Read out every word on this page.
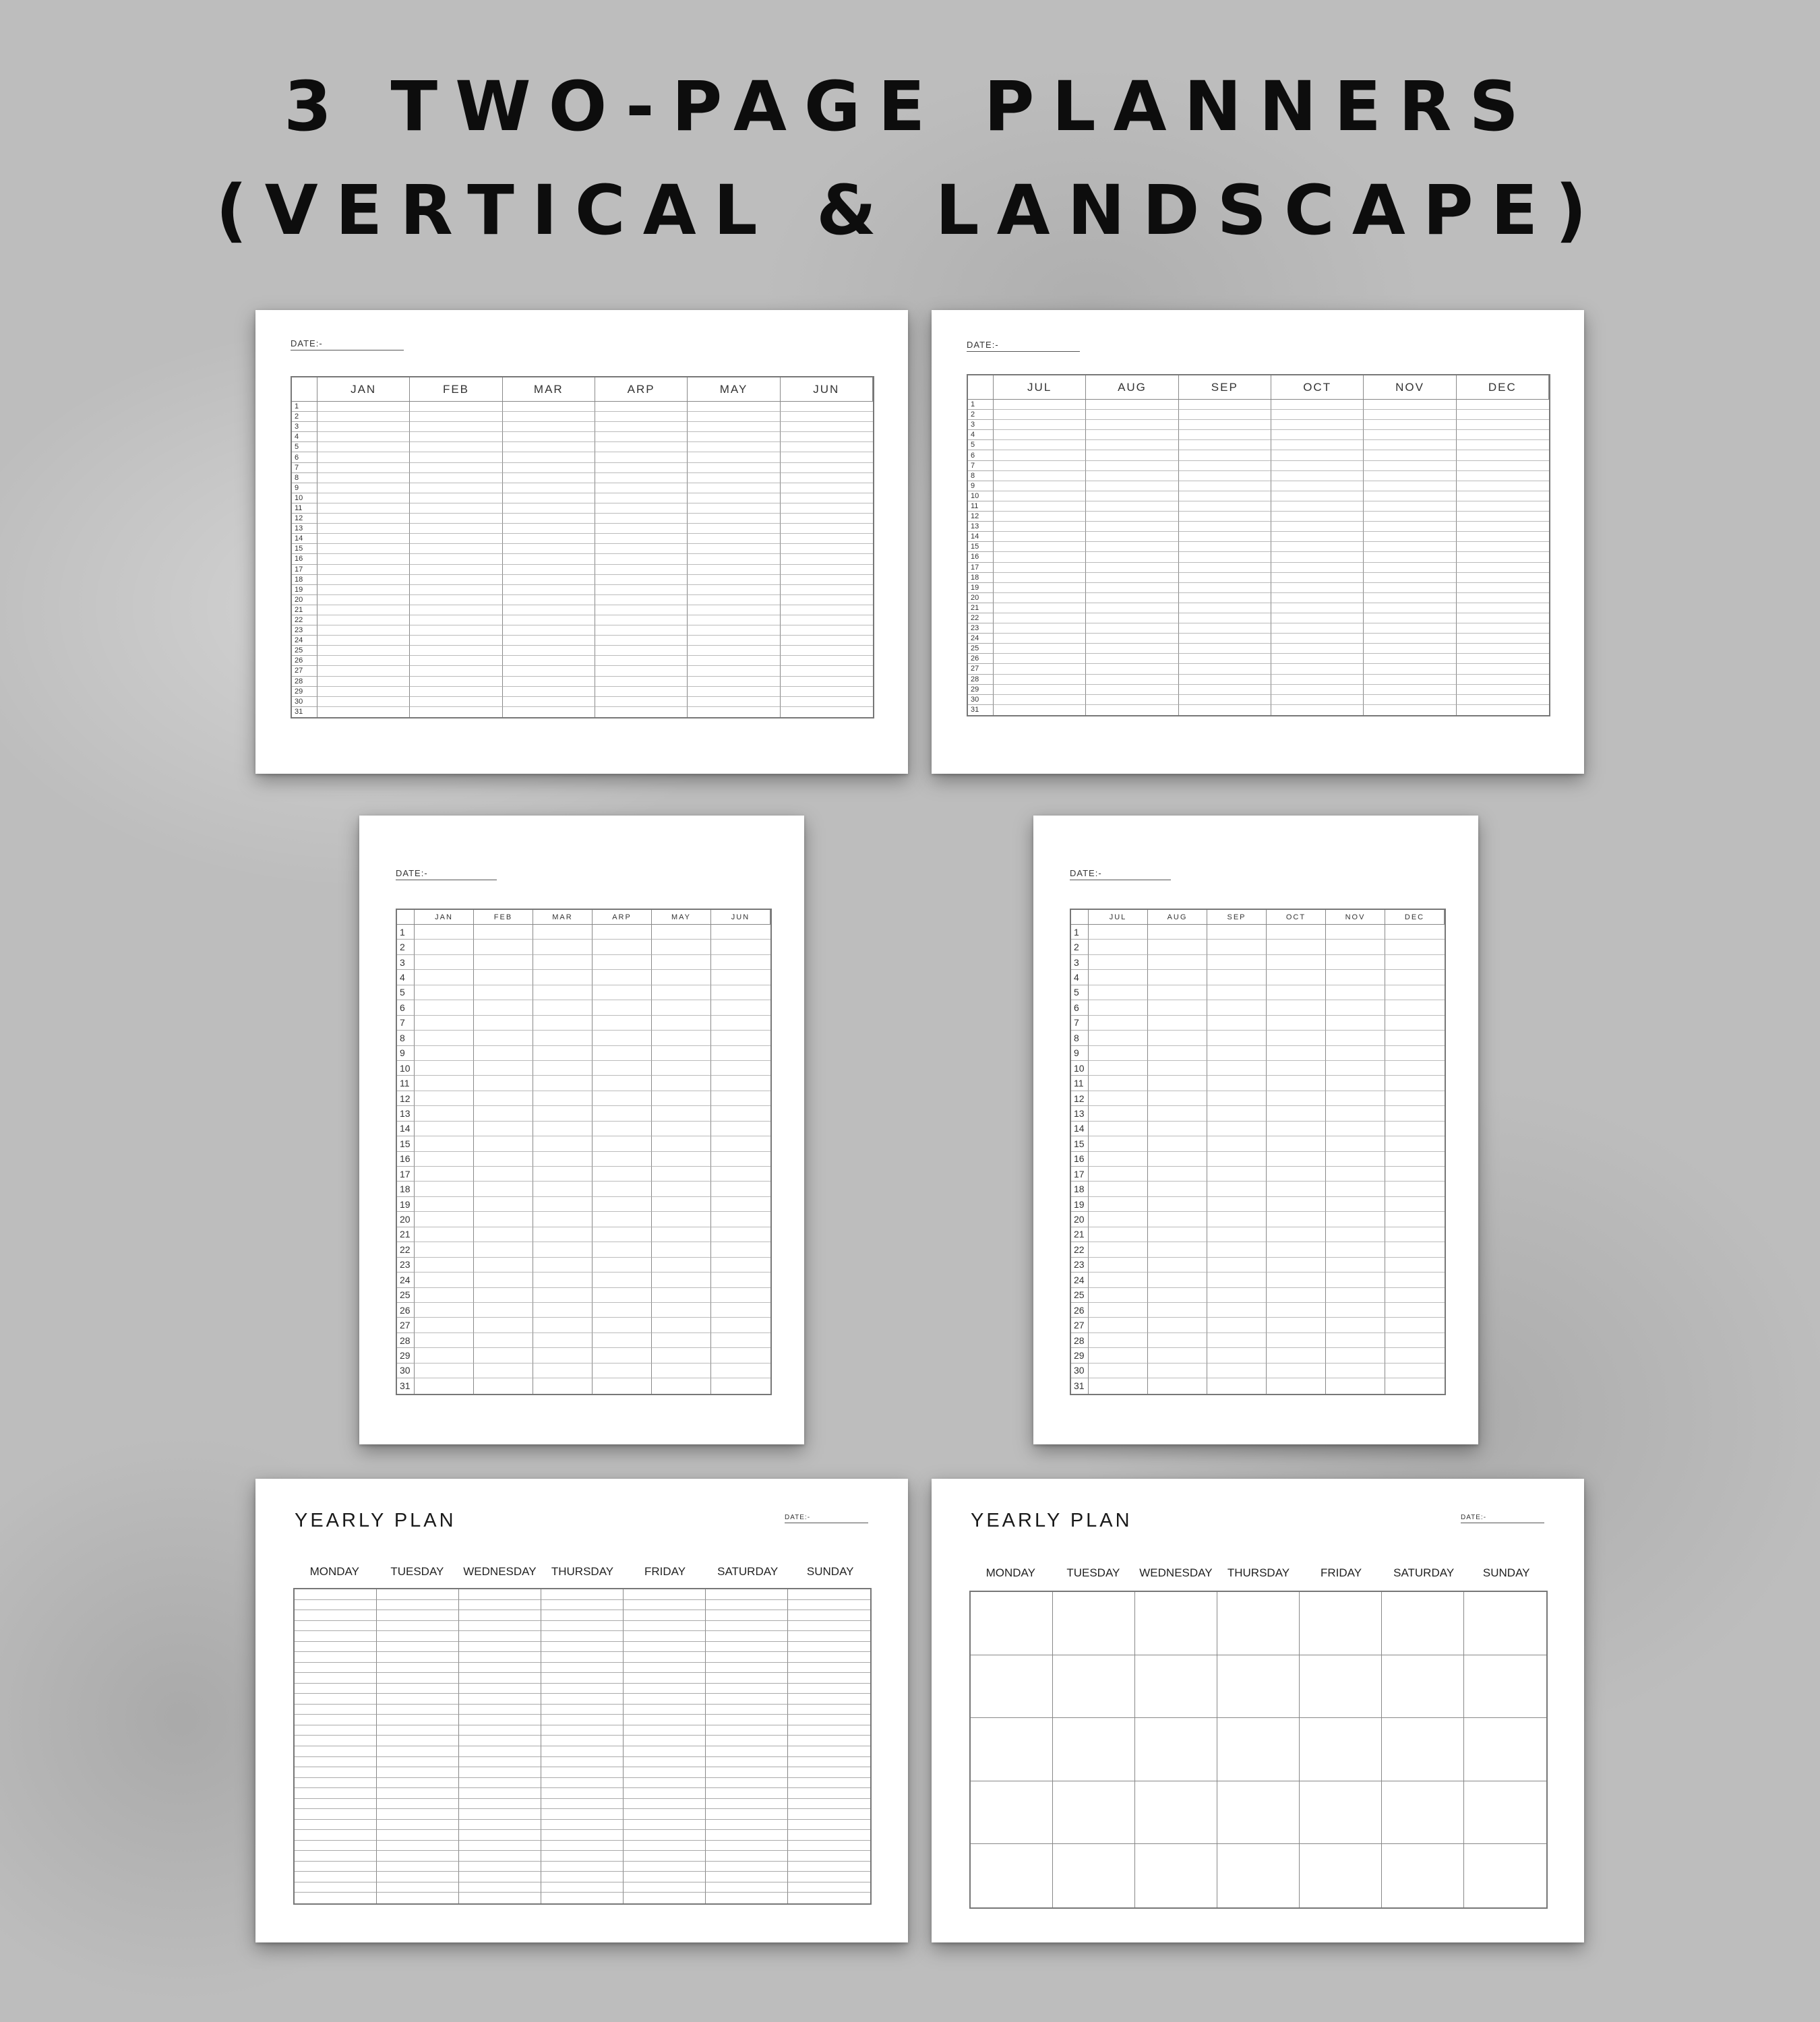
3 TWO-PAGE PLANNERS
(VERTICAL & LANDSCAPE)
DATE:-
JAN	FEB	MAR	ARP	MAY	JUN
1
2
3
4
5
6
7
8
9
10
11
12
13
14
15
16
17
18
19
20
21
22
23
24
25
26
27
28
29
30
31
DATE:-
JUL	AUG	SEP	OCT	NOV	DEC
1
2
3
4
5
6
7
8
9
10
11
12
13
14
15
16
17
18
19
20
21
22
23
24
25
26
27
28
29
30
31
DATE:-
JAN	FEB	MAR	ARP	MAY	JUN
1
2
3
4
5
6
7
8
9
10
11
12
13
14
15
16
17
18
19
20
21
22
23
24
25
26
27
28
29
30
31
DATE:-
JUL	AUG	SEP	OCT	NOV	DEC
1
2
3
4
5
6
7
8
9
10
11
12
13
14
15
16
17
18
19
20
21
22
23
24
25
26
27
28
29
30
31
YEARLY PLAN	DATE:-
MONDAY	TUESDAY	WEDNESDAY	THURSDAY	FRIDAY	SATURDAY	SUNDAY
YEARLY PLAN	DATE:-
MONDAY	TUESDAY	WEDNESDAY	THURSDAY	FRIDAY	SATURDAY	SUNDAY
